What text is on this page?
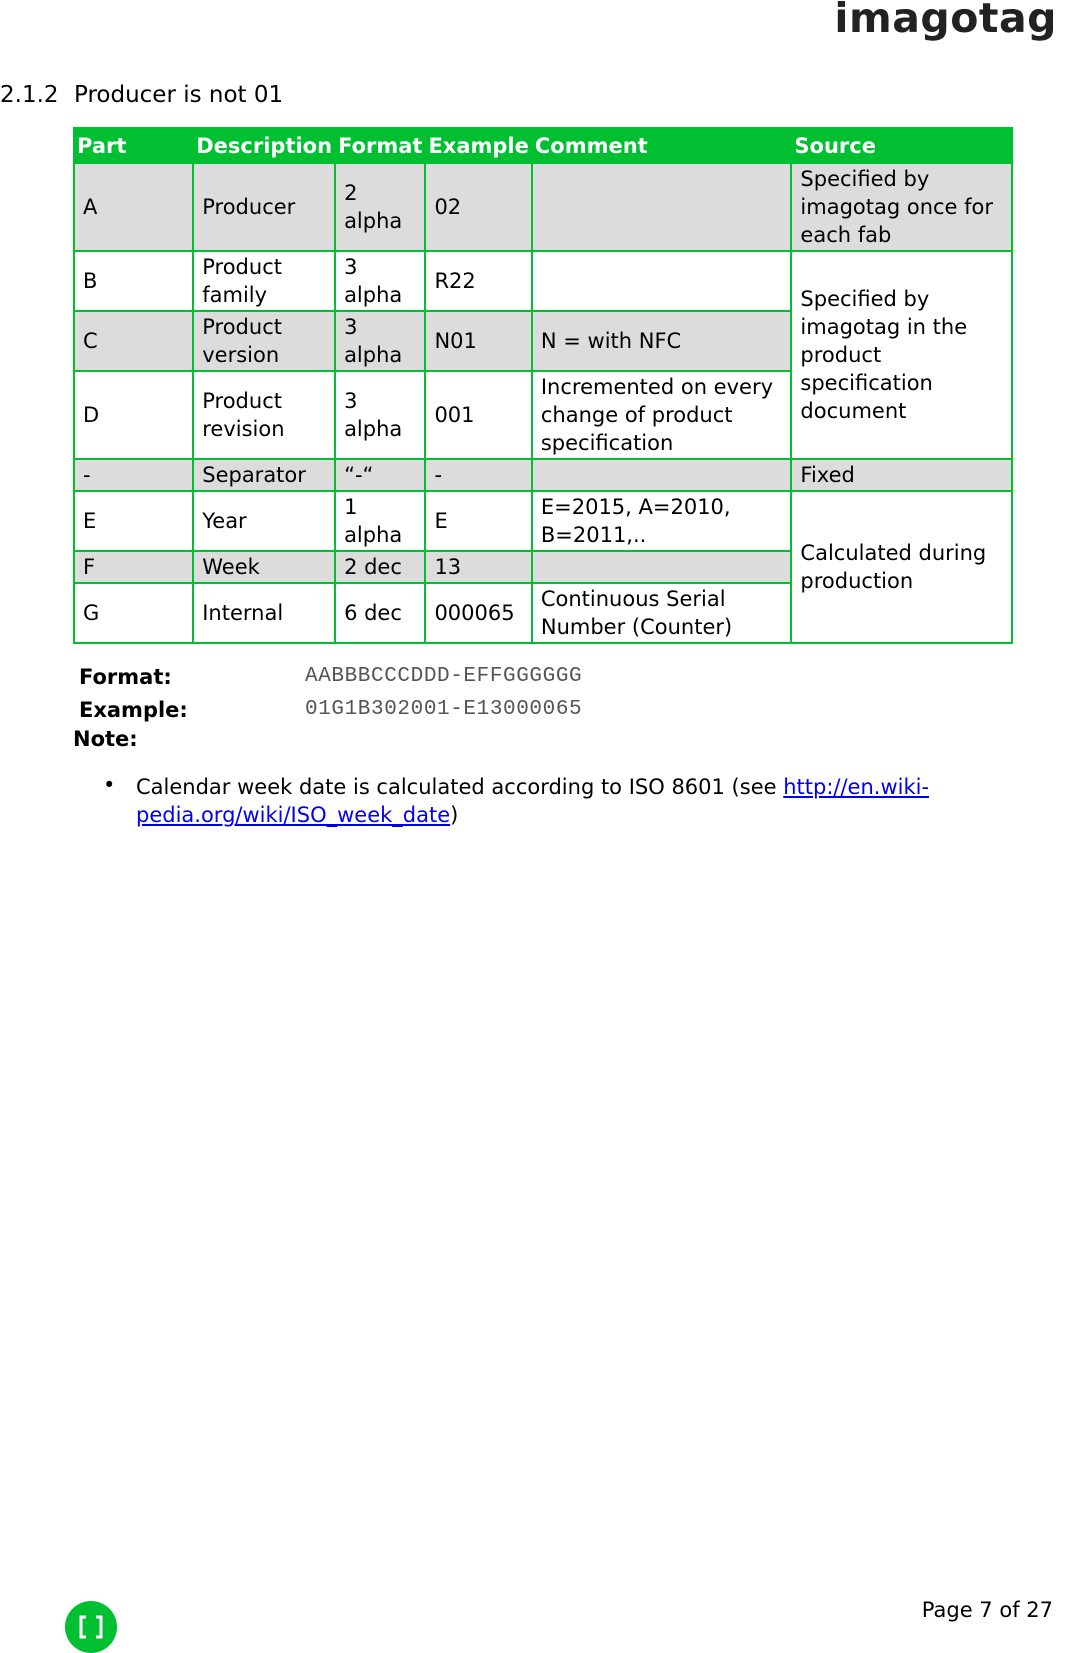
imagotag
2.1.2 Producer is not 01
Part	Description	Format	Example	Comment	Source
A	Producer	2 alpha	02		Specified by imagotag once for each fab
B	Product family	3 alpha	R22		Specified by imagotag in the product specification document
C	Product version	3 alpha	N01	N = with NFC	
D	Product revision	3 alpha	001	Incremented on every change of product specification	
-	Separator	“-“	-		Fixed
E	Year	1 alpha	E	E=2015, A=2010, B=2011,..	Calculated during production
F	Week	2 dec	13		
G	Internal	6 dec	000065	Continuous Serial Number (Counter)	
Format:	AABBBCCCDDD-EFFGGGGGG
Example:	01G1B302001-E13000065
Note:
• Calendar week date is calculated according to ISO 8601 (see http://en.wiki-pedia.org/wiki/ISO_week_date)
Page 7 of 27
